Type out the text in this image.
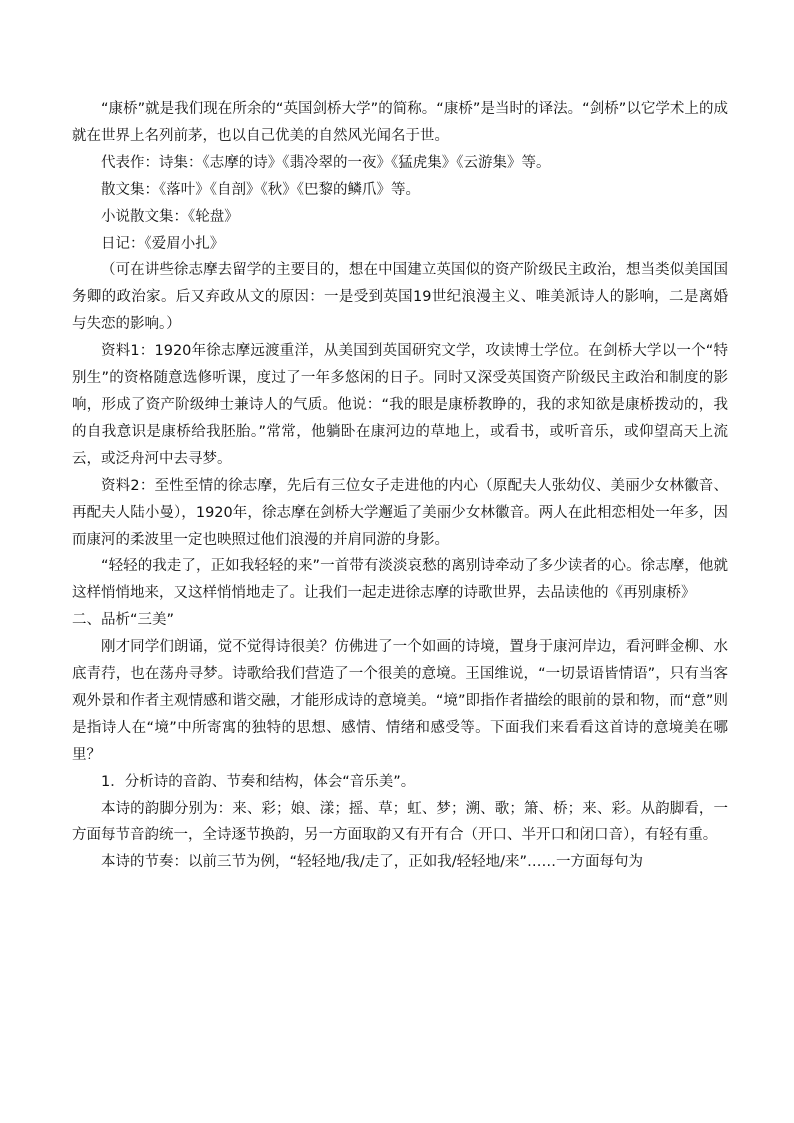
“康桥”就是我们现在所余的“英国剑桥大学”的简称。“康桥”是当时的译法。“剑桥”以它学术上的成就在世界上名列前茅，也以自己优美的自然风光闻名于世。

代表作：诗集：《志摩的诗》《翡冷翠的一夜》《猛虎集》《云游集》等。

散文集：《落叶》《自剖》《秋》《巴黎的鳞爪》等。

小说散文集：《轮盘》

日记：《爱眉小扎》

（可在讲些徐志摩去留学的主要目的，想在中国建立英国似的资产阶级民主政治，想当类似美国国务卿的政治家。后又弃政从文的原因：一是受到英国19世纪浪漫主义、唯美派诗人的影响，二是离婚与失恋的影响。）

资料1：1920年徐志摩远渡重洋，从美国到英国研究文学，攻读博士学位。在剑桥大学以一个“特别生”的资格随意选修听课，度过了一年多悠闲的日子。同时又深受英国资产阶级民主政治和制度的影响，形成了资产阶级绅士兼诗人的气质。他说：“我的眼是康桥教睁的，我的求知欲是康桥拨动的，我的自我意识是康桥给我胚胎。”常常，他躺卧在康河边的草地上，或看书，或听音乐，或仰望高天上流云，或泛舟河中去寻梦。

资料2：至性至情的徐志摩，先后有三位女子走进他的内心（原配夫人张幼仪、美丽少女林徽音、再配夫人陆小曼），1920年，徐志摩在剑桥大学邂逅了美丽少女林徽音。两人在此相恋相处一年多，因而康河的柔波里一定也映照过他们浪漫的并肩同游的身影。

“轻轻的我走了，正如我轻轻的来”一首带有淡淡哀愁的离别诗牵动了多少读者的心。徐志摩，他就这样悄悄地来，又这样悄悄地走了。让我们一起走进徐志摩的诗歌世界，去品读他的《再别康桥》

二、品析“三美”

刚才同学们朗诵，觉不觉得诗很美？仿佛进了一个如画的诗境，置身于康河岸边，看河畔金柳、水底青荇，也在荡舟寻梦。诗歌给我们营造了一个很美的意境。王国维说，“一切景语皆情语”，只有当客观外景和作者主观情感和谐交融，才能形成诗的意境美。“境”即指作者描绘的眼前的景和物，而“意”则是指诗人在“境”中所寄寓的独特的思想、感情、情绪和感受等。下面我们来看看这首诗的意境美在哪里？

1．分析诗的音韵、节奏和结构，体会“音乐美”。

本诗的韵脚分别为：来、彩；娘、漾；摇、草；虹、梦；溯、歌；箫、桥；来、彩。从韵脚看，一方面每节音韵统一，全诗逐节换韵，另一方面取韵又有开有合（开口、半开口和闭口音），有轻有重。

本诗的节奏：以前三节为例，“轻轻地/我/走了，正如我/轻轻地/来”……一方面每句为
